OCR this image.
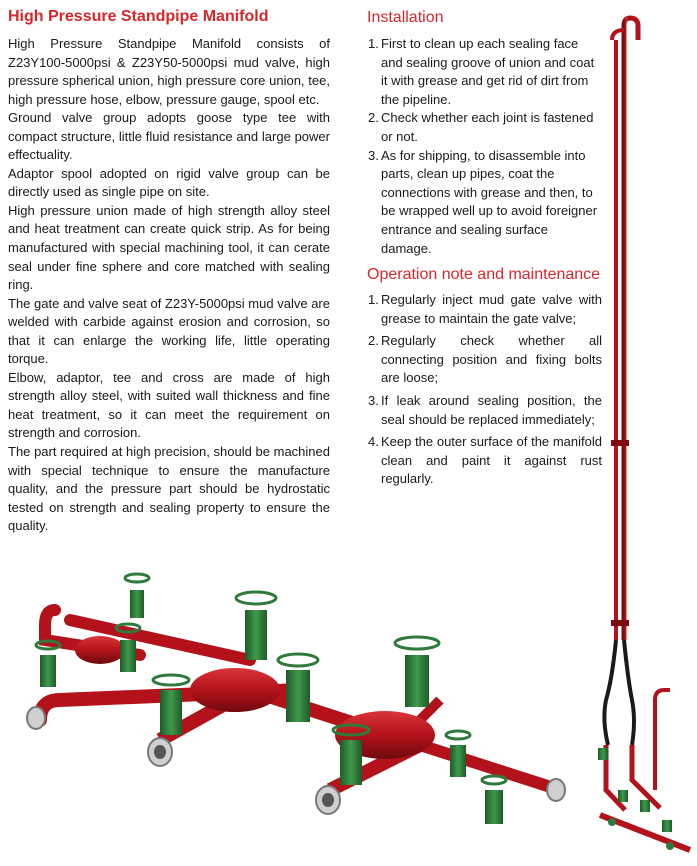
High Pressure Standpipe Manifold

High Pressure Standpipe Manifold consists of Z23Y100-5000psi & Z23Y50-5000psi mud valve, high pressure spherical union, high pressure core union, tee, high pressure hose, elbow, pressure gauge, spool etc.

Ground valve group adopts goose type tee with compact structure, little fluid resistance and large power effectuality.

Adaptor spool adopted on rigid valve group can be directly used as single pipe on site.

High pressure union made of high strength alloy steel and heat treatment can create quick strip. As for being manufactured with special machining tool, it can cerate seal under fine sphere and core matched with sealing ring.

The gate and valve seat of Z23Y-5000psi mud valve are welded with carbide against erosion and corrosion, so that it can enlarge the working life, little operating torque.

Elbow, adaptor, tee and cross are made of high strength alloy steel, with suited wall thickness and fine heat treatment, so it can meet the requirement on strength and corrosion.

The part required at high precision, should be machined with special technique to ensure the manufacture quality, and the pressure part should be hydrostatic tested on strength and sealing property to ensure the quality.

Installation
1. First to clean up each sealing face and sealing groove of union and coat it with grease and get rid of dirt from the pipeline.
2. Check whether each joint is fastened or not.
3. As for shipping, to disassemble into parts, clean up pipes, coat the connections with grease and then, to be wrapped well up to avoid foreigner entrance and sealing surface damage.
Operation note and maintenance
1. Regularly inject mud gate valve with grease to maintain the gate valve;
2. Regularly check whether all connecting position and fixing bolts are loose;
3. If leak around sealing position, the seal should be replaced immediately;
4. Keep the outer surface of the manifold clean and paint it against rust regularly.
